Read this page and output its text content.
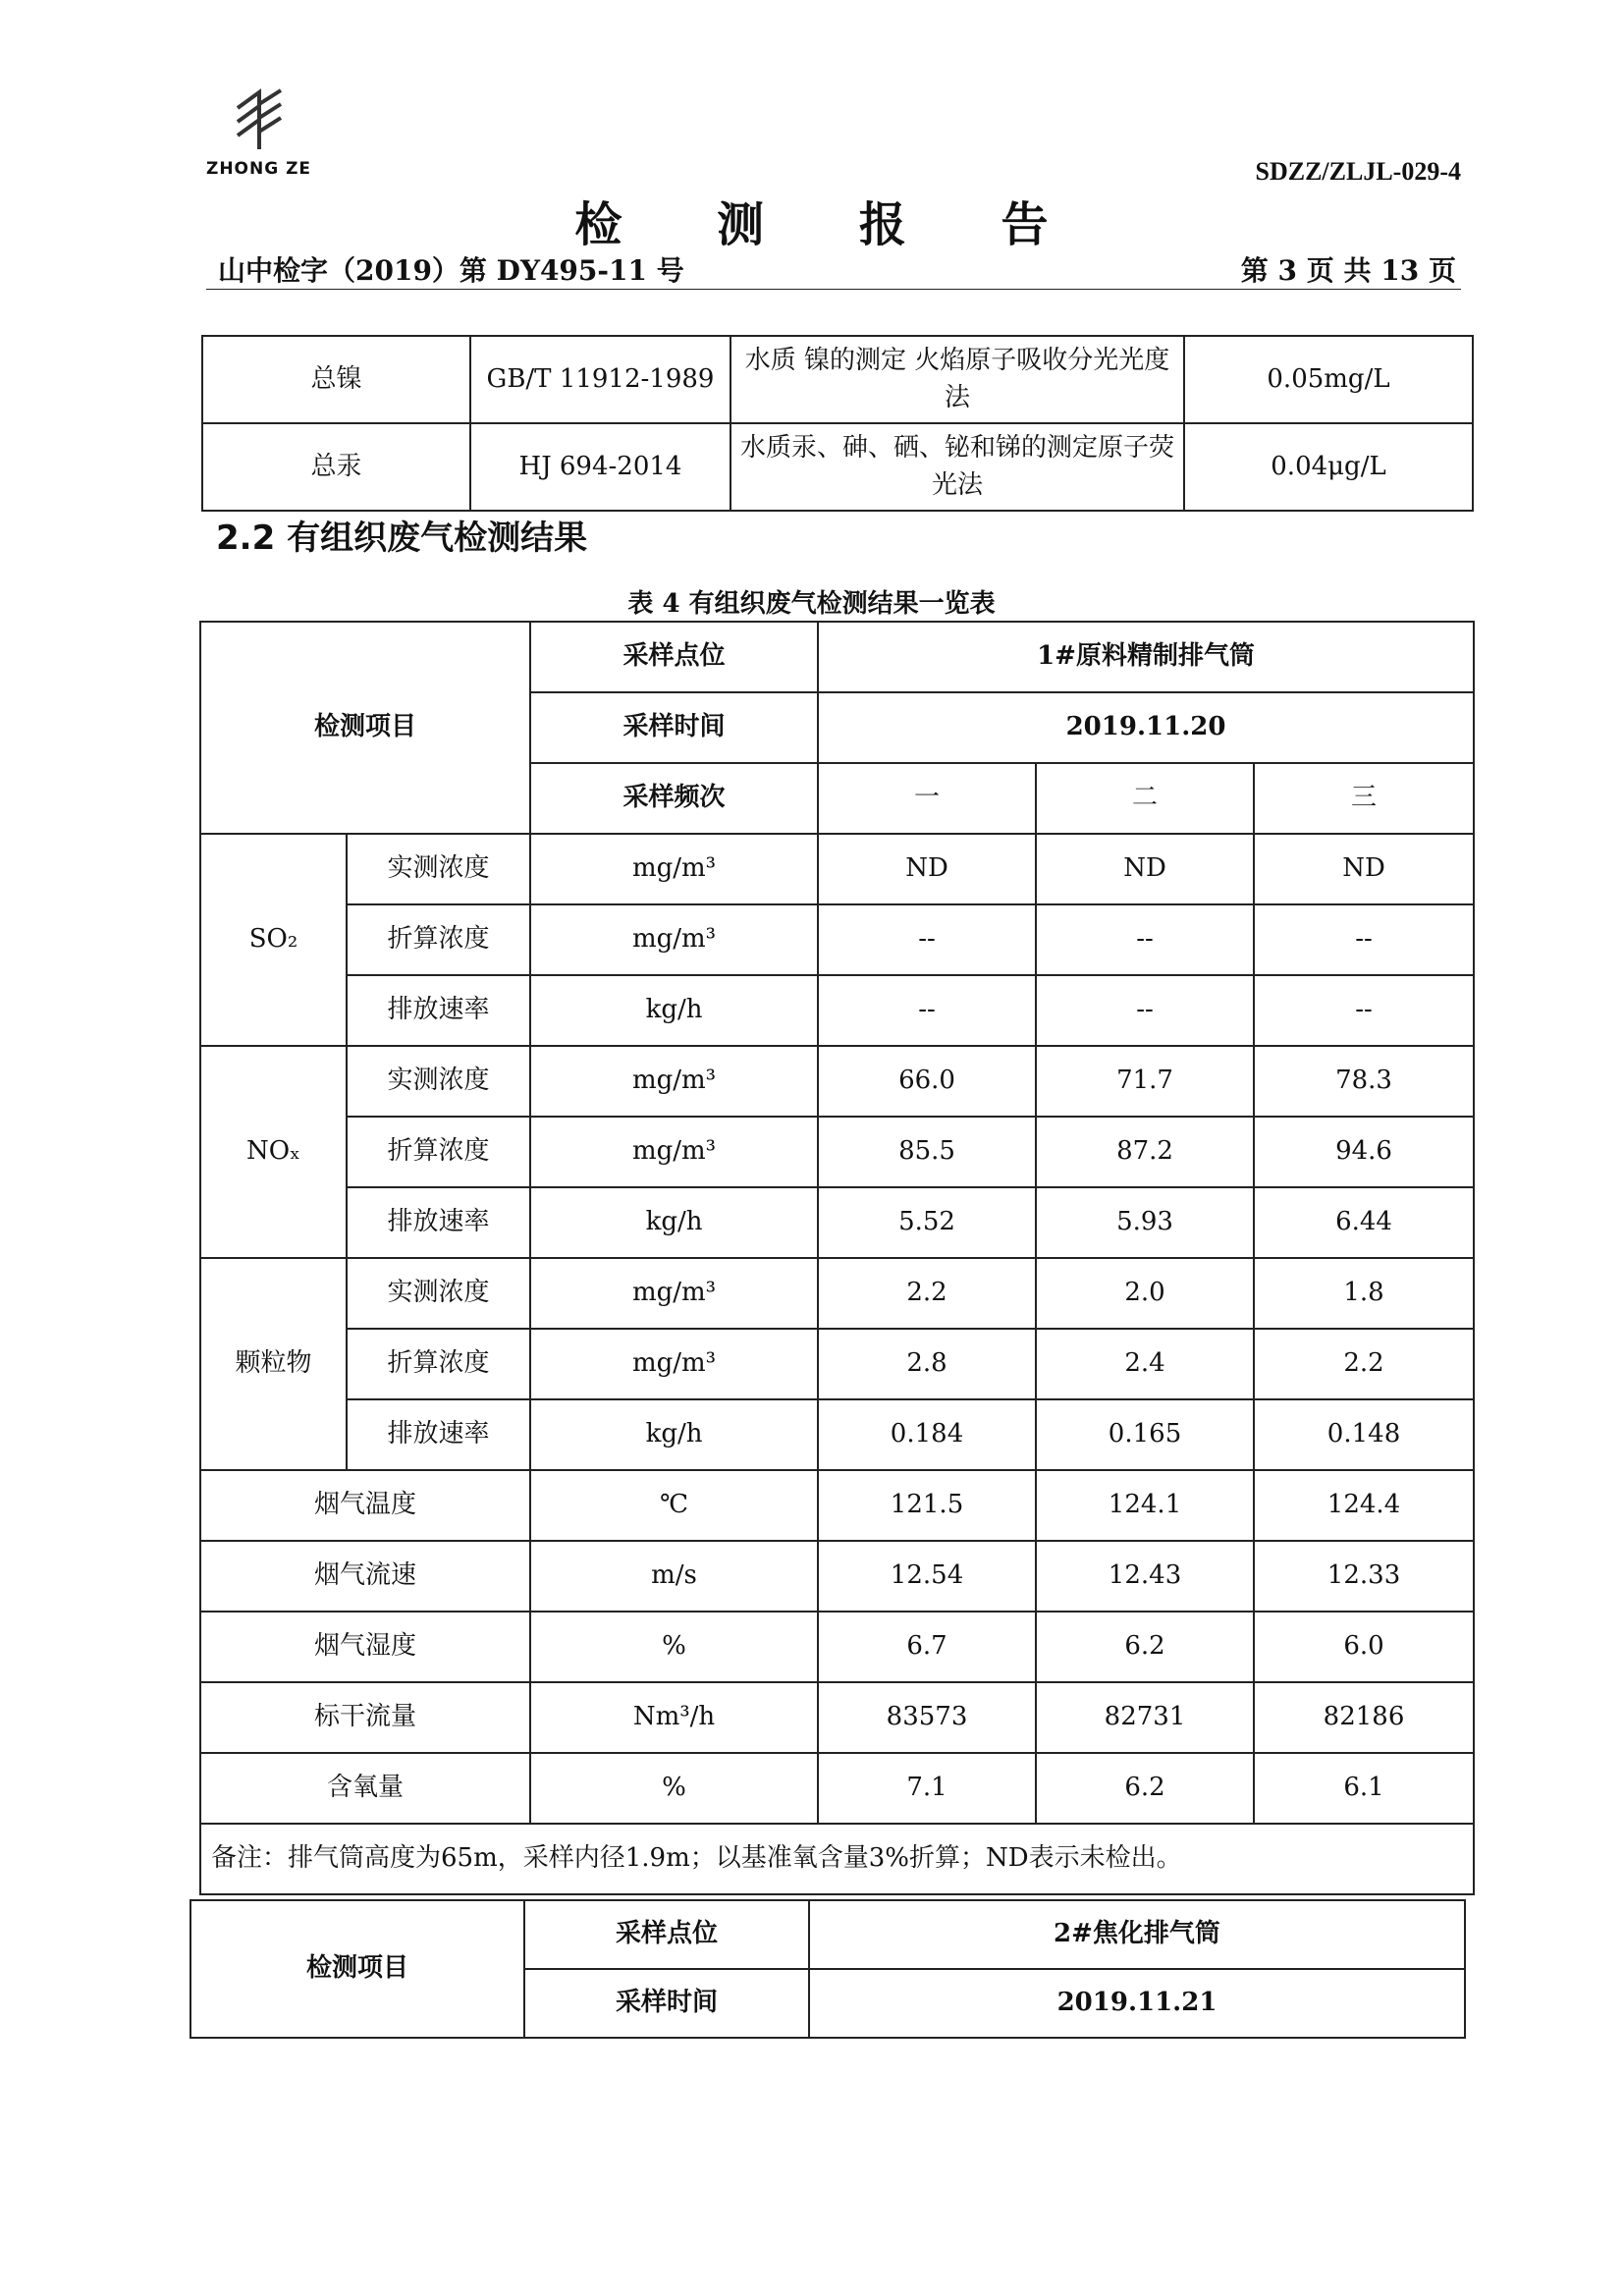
ZHONG ZE	SDZZ/ZLJL-029-4
检 测 报 告
山中检字（2019）第 DY495-11 号	第 3 页 共 13 页
总镍	GB/T 11912-1989	水质 镍的测定 火焰原子吸收分光光度法	0.05mg/L
总汞	HJ 694-2014	水质汞、砷、硒、铋和锑的测定原子荧光法	0.04μg/L
2.2 有组织废气检测结果
表 4 有组织废气检测结果一览表
检测项目		采样点位	1#原料精制排气筒		
		采样时间	2019.11.20		
		采样频次	一	二	三
SO₂	实测浓度	mg/m³	ND	ND	ND
	折算浓度	mg/m³	--	--	--
	排放速率	kg/h	--	--	--
NOₓ	实测浓度	mg/m³	66.0	71.7	78.3
	折算浓度	mg/m³	85.5	87.2	94.6
	排放速率	kg/h	5.52	5.93	6.44
颗粒物	实测浓度	mg/m³	2.2	2.0	1.8
	折算浓度	mg/m³	2.8	2.4	2.2
	排放速率	kg/h	0.184	0.165	0.148
烟气温度		℃	121.5	124.1	124.4
烟气流速		m/s	12.54	12.43	12.33
烟气湿度		%	6.7	6.2	6.0
标干流量		Nm³/h	83573	82731	82186
含氧量		%	7.1	6.2	6.1
备注：排气筒高度为65m，采样内径1.9m；以基准氧含量3%折算；ND表示未检出。					
检测项目	采样点位	2#焦化排气筒
	采样时间	2019.11.21
